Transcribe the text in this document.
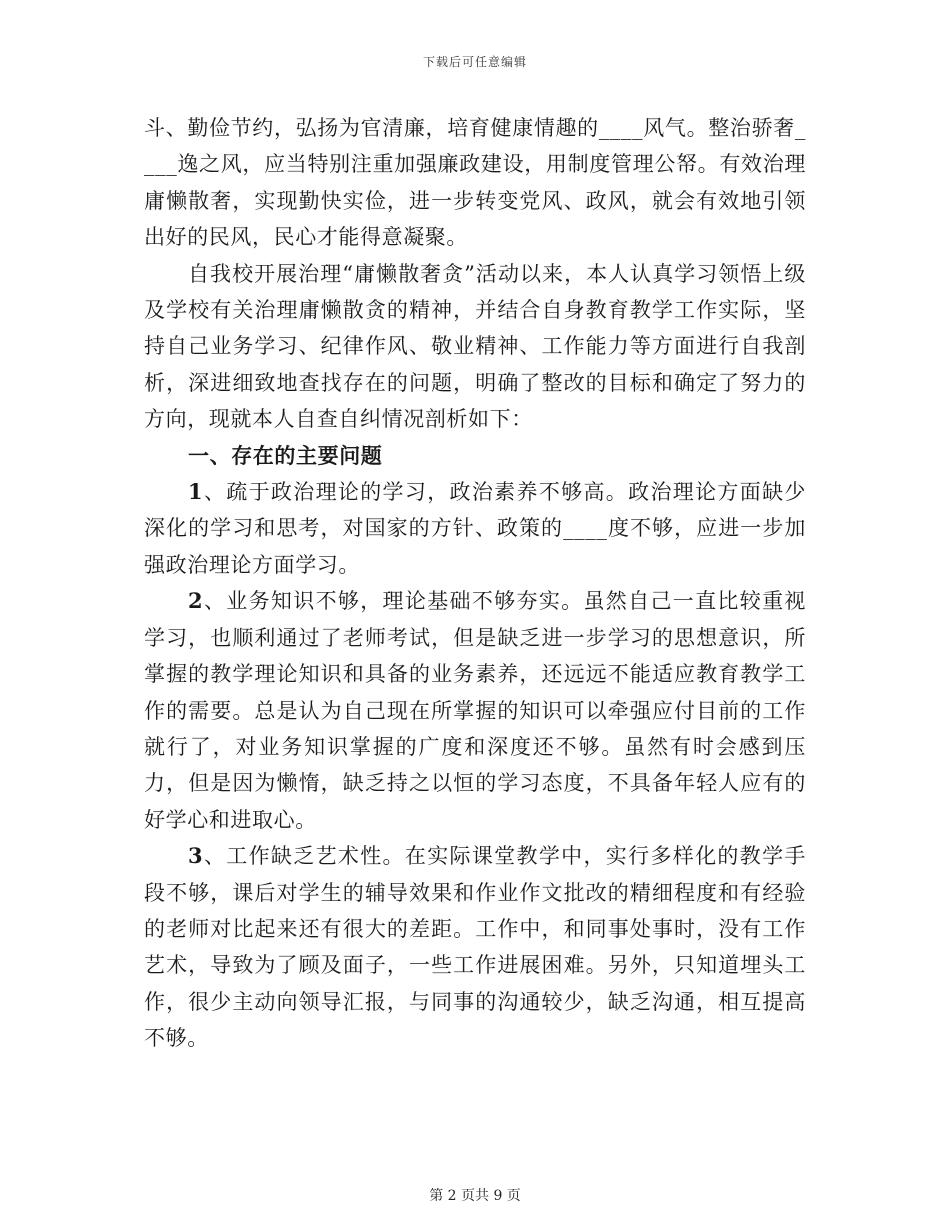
下载后可任意编辑

斗、勤俭节约，弘扬为官清廉，培育健康情趣的____风气。整治骄奢____逸之风，应当特别注重加强廉政建设，用制度管理公帑。有效治理庸懒散奢，实现勤快实俭，进一步转变党风、政风，就会有效地引领出好的民风，民心才能得意凝聚。

自我校开展治理“庸懒散奢贪”活动以来，本人认真学习领悟上级及学校有关治理庸懒散贪的精神，并结合自身教育教学工作实际，坚持自己业务学习、纪律作风、敬业精神、工作能力等方面进行自我剖析，深进细致地查找存在的问题，明确了整改的目标和确定了努力的方向，现就本人自查自纠情况剖析如下：

一、存在的主要问题

1、疏于政治理论的学习，政治素养不够高。政治理论方面缺少深化的学习和思考，对国家的方针、政策的____度不够，应进一步加强政治理论方面学习。

2、业务知识不够，理论基础不够夯实。虽然自己一直比较重视学习，也顺利通过了老师考试，但是缺乏进一步学习的思想意识，所掌握的教学理论知识和具备的业务素养，还远远不能适应教育教学工作的需要。总是认为自己现在所掌握的知识可以牵强应付目前的工作就行了，对业务知识掌握的广度和深度还不够。虽然有时会感到压力，但是因为懒惰，缺乏持之以恒的学习态度，不具备年轻人应有的好学心和进取心。

3、工作缺乏艺术性。在实际课堂教学中，实行多样化的教学手段不够，课后对学生的辅导效果和作业作文批改的精细程度和有经验的老师对比起来还有很大的差距。工作中，和同事处事时，没有工作艺术，导致为了顾及面子，一些工作进展困难。另外，只知道埋头工作，很少主动向领导汇报，与同事的沟通较少，缺乏沟通，相互提高不够。

第 2 页共 9 页
